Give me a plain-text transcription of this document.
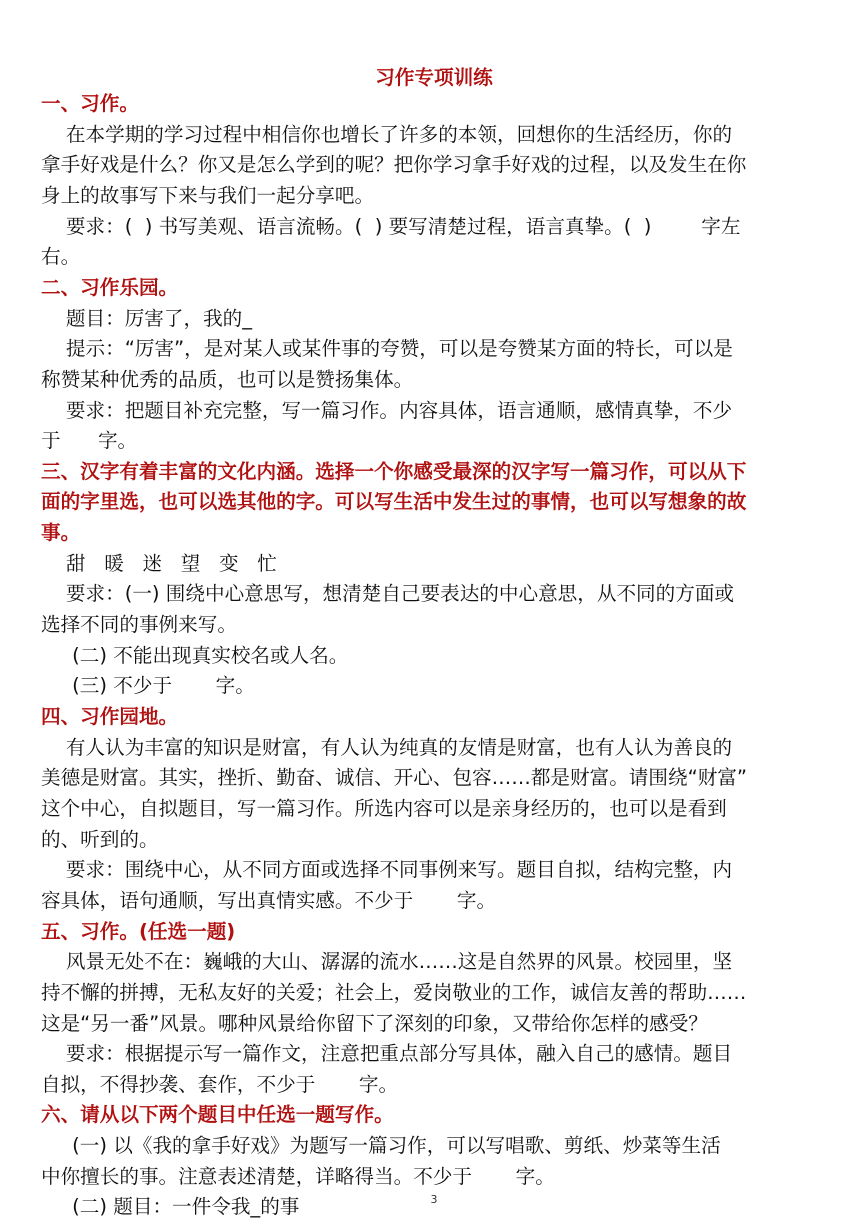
习作专项训练

一、习作。

在本学期的学习过程中相信你也增长了许多的本领，回想你的生活经历，你的

拿手好戏是什么？你又是怎么学到的呢？把你学习拿手好戏的过程，以及发生在你

身上的故事写下来与我们一起分享吧。

要求：(  ) 书写美观、语言流畅。(  ) 要写清楚过程，语言真挚。(  )        字左

右。

二、习作乐园。

题目：厉害了，我的_

提示：“厉害”，是对某人或某件事的夸赞，可以是夸赞某方面的特长，可以是

称赞某种优秀的品质，也可以是赞扬集体。

要求：把题目补充完整，写一篇习作。内容具体，语言通顺，感情真挚，不少

于      字。

三、汉字有着丰富的文化内涵。选择一个你感受最深的汉字写一篇习作，可以从下

面的字里选，也可以选其他的字。可以写生活中发生过的事情，也可以写想象的故

事。

甜   暖   迷   望   变   忙

要求：(一) 围绕中心意思写，想清楚自己要表达的中心意思，从不同的方面或

选择不同的事例来写。

(二) 不能出现真实校名或人名。

(三) 不少于       字。

四、习作园地。

有人认为丰富的知识是财富，有人认为纯真的友情是财富，也有人认为善良的

美德是财富。其实，挫折、勤奋、诚信、开心、包容……都是财富。请围绕“财富”

这个中心，自拟题目，写一篇习作。所选内容可以是亲身经历的，也可以是看到

的、听到的。

要求：围绕中心，从不同方面或选择不同事例来写。题目自拟，结构完整，内

容具体，语句通顺，写出真情实感。不少于       字。

五、习作。(任选一题)

风景无处不在：巍峨的大山、潺潺的流水……这是自然界的风景。校园里，坚

持不懈的拼搏，无私友好的关爱；社会上，爱岗敬业的工作，诚信友善的帮助……

这是“另一番”风景。哪种风景给你留下了深刻的印象，又带给你怎样的感受？

要求：根据提示写一篇作文，注意把重点部分写具体，融入自己的感情。题目

自拟，不得抄袭、套作，不少于       字。

六、请从以下两个题目中任选一题写作。

(一) 以《我的拿手好戏》为题写一篇习作，可以写唱歌、剪纸、炒菜等生活

中你擅长的事。注意表述清楚，详略得当。不少于       字。

(二) 题目：一件令我_的事	3
